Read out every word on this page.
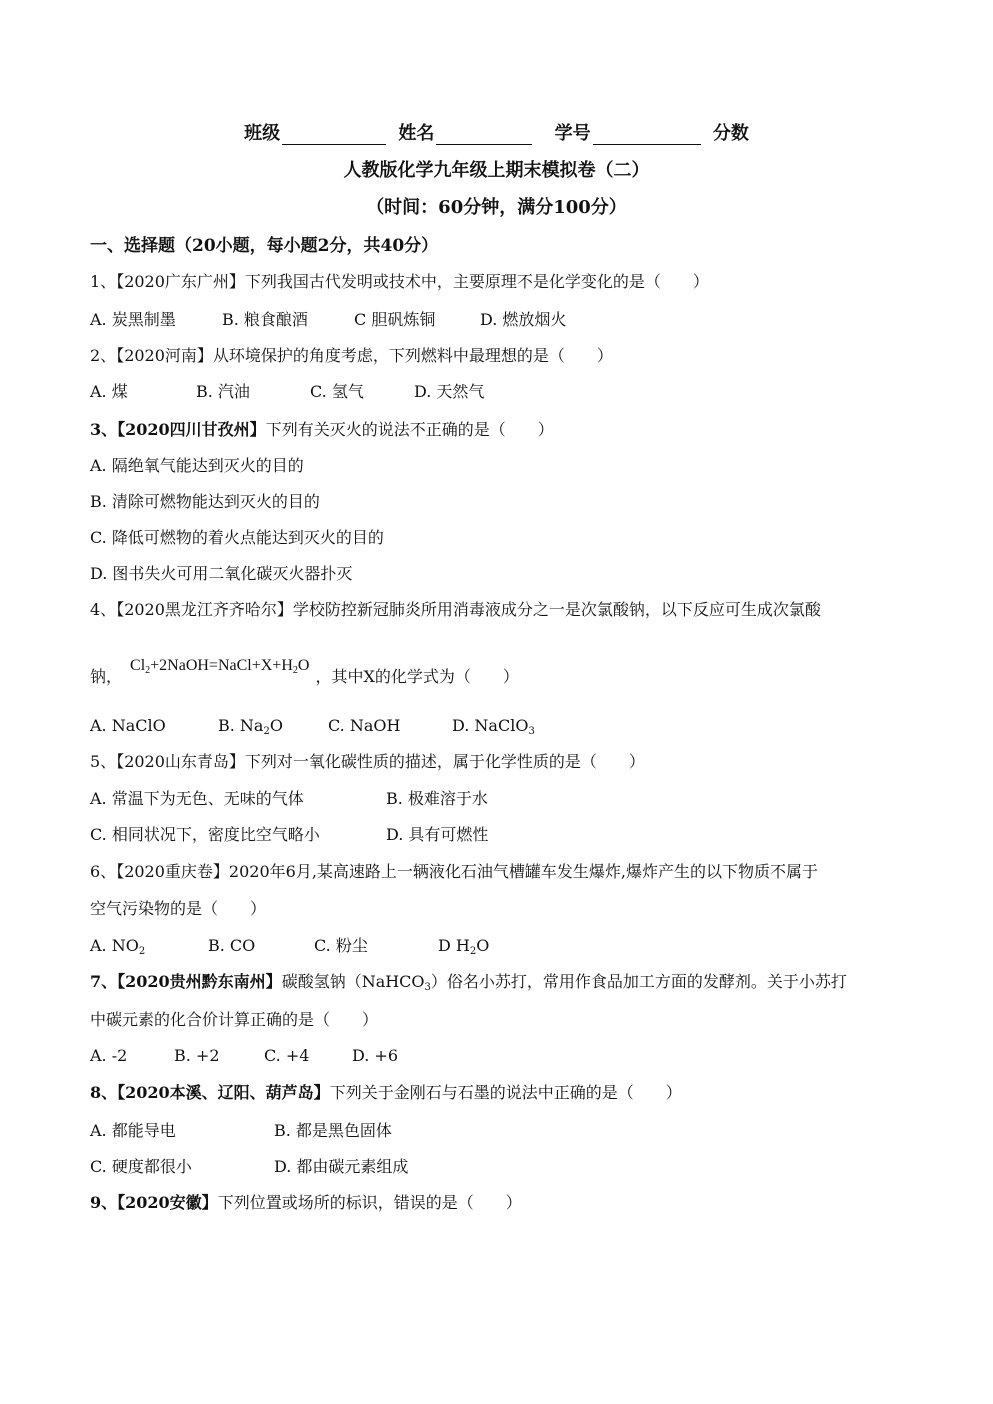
班级	姓名	学号	分数
人教版化学九年级上期末模拟卷（二）
（时间：60分钟，满分100分）
一、选择题（20小题，每小题2分，共40分）
1、【2020广东广州】下列我国古代发明或技术中，主要原理不是化学变化的是（　　）
A. 炭黑制墨	B. 粮食酿酒	C 胆矾炼铜	D. 燃放烟火
2、【2020河南】从环境保护的角度考虑，下列燃料中最理想的是（　　）
A. 煤	B. 汽油	C. 氢气	D. 天然气
3、【2020四川甘孜州】下列有关灭火的说法不正确的是（　　）
A. 隔绝氧气能达到灭火的目的
B. 清除可燃物能达到灭火的目的
C. 降低可燃物的着火点能达到灭火的目的
D. 图书失火可用二氧化碳灭火器扑灭
4、【2020黑龙江齐齐哈尔】学校防控新冠肺炎所用消毒液成分之一是次氯酸钠，以下反应可生成次氯酸
钠，$Cl_2+2NaOH=NaCl+X+H_2O$，其中X的化学式为（　　）
A. NaClO	B. $Na_2O$	C. NaOH	D. NaClO$_3$
5、【2020山东青岛】下列对一氧化碳性质的描述，属于化学性质的是（　　）
A. 常温下为无色、无味的气体	B. 极难溶于水
C. 相同状况下，密度比空气略小	D. 具有可燃性
6、【2020重庆卷】2020年6月,某高速路上一辆液化石油气槽罐车发生爆炸,爆炸产生的以下物质不属于
空气污染物的是（　　）
A. $NO_2$	B. CO	C. 粉尘	D $H_2O$
7、【2020贵州黔东南州】碳酸氢钠（NaHCO$_3$）俗名小苏打，常用作食品加工方面的发酵剂。关于小苏打
中碳元素的化合价计算正确的是（　　）
A. -2	B. +2	C. +4	D. +6
8、【2020本溪、辽阳、葫芦岛】下列关于金刚石与石墨的说法中正确的是（　　）
A. 都能导电	B. 都是黑色固体
C. 硬度都很小	D. 都由碳元素组成
9、【2020安徽】下列位置或场所的标识，错误的是（　　）
